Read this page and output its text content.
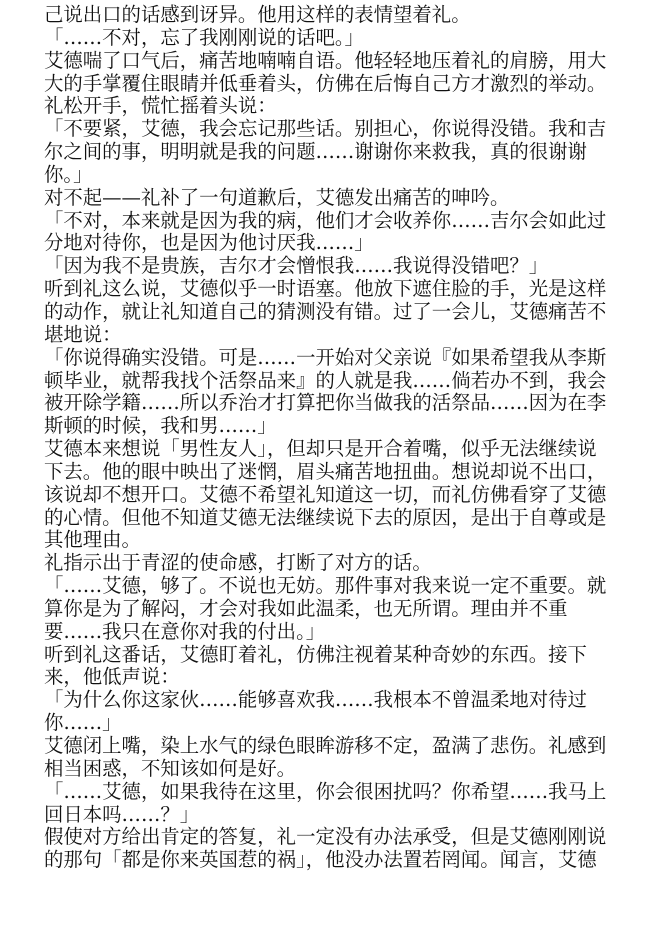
己说出口的话感到讶异。他用这样的表情望着礼。
「……不对，忘了我刚刚说的话吧。」
艾德喘了口气后，痛苦地喃喃自语。他轻轻地压着礼的肩膀，用大
大的手掌覆住眼睛并低垂着头，仿佛在后悔自己方才激烈的举动。
礼松开手，慌忙摇着头说：
「不要紧，艾德，我会忘记那些话。别担心，你说得没错。我和吉
尔之间的事，明明就是我的问题……谢谢你来救我，真的很谢谢
你。」
对不起——礼补了一句道歉后，艾德发出痛苦的呻吟。
「不对，本来就是因为我的病，他们才会收养你……吉尔会如此过
分地对待你，也是因为他讨厌我……」
「因为我不是贵族，吉尔才会憎恨我……我说得没错吧？」
听到礼这么说，艾德似乎一时语塞。他放下遮住脸的手，光是这样
的动作，就让礼知道自己的猜测没有错。过了一会儿，艾德痛苦不
堪地说：
「你说得确实没错。可是……一开始对父亲说『如果希望我从李斯
顿毕业，就帮我找个活祭品来』的人就是我……倘若办不到，我会
被开除学籍……所以乔治才打算把你当做我的活祭品……因为在李
斯顿的时候，我和男……」
艾德本来想说「男性友人」，但却只是开合着嘴，似乎无法继续说
下去。他的眼中映出了迷惘，眉头痛苦地扭曲。想说却说不出口，
该说却不想开口。艾德不希望礼知道这一切，而礼仿佛看穿了艾德
的心情。但他不知道艾德无法继续说下去的原因，是出于自尊或是
其他理由。
礼指示出于青涩的使命感，打断了对方的话。
「……艾德，够了。不说也无妨。那件事对我来说一定不重要。就
算你是为了解闷，才会对我如此温柔，也无所谓。理由并不重
要……我只在意你对我的付出。」
听到礼这番话，艾德盯着礼，仿佛注视着某种奇妙的东西。接下
来，他低声说：
「为什么你这家伙……能够喜欢我……我根本不曾温柔地对待过
你……」
艾德闭上嘴，染上水气的绿色眼眸游移不定，盈满了悲伤。礼感到
相当困惑，不知该如何是好。
「……艾德，如果我待在这里，你会很困扰吗？你希望……我马上
回日本吗……？」
假使对方给出肯定的答复，礼一定没有办法承受，但是艾德刚刚说
的那句「都是你来英国惹的祸」，他没办法置若罔闻。闻言，艾德
